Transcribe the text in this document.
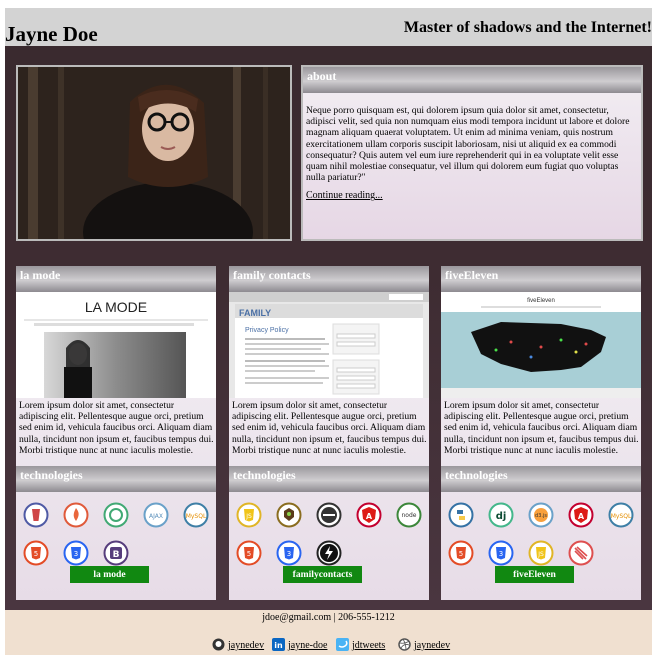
Jayne Doe	Master of shadows and the Internet!
about

Neque porro quisquam est, qui dolorem ipsum quia dolor sit amet, consectetur, adipisci velit, sed quia non numquam eius modi tempora incidunt ut labore et dolore magnam aliquam quaerat voluptatem. Ut enim ad minima veniam, quis nostrum exercitationem ullam corporis suscipit laboriosam, nisi ut aliquid ex ea commodi consequatur? Quis autem vel eum iure reprehenderit qui in ea voluptate velit esse quam nihil molestiae consequatur, vel illum qui dolorem eum fugiat quo voluptas nulla pariatur?"

Continue reading...
la mode
LA MODE
Lorem ipsum dolor sit amet, consectetur adipiscing elit. Pellentesque augue orci, pretium sed enim id, vehicula faucibus orci. Aliquam diam nulla, tincidunt non ipsum et, faucibus tempus dui. Morbi tristique nunc at nunc iaculis molestie.
technologies
AJAX	MySQL
5	3	B
la mode
family contacts
FAMILY
Privacy Policy
Lorem ipsum dolor sit amet, consectetur adipiscing elit. Pellentesque augue orci, pretium sed enim id, vehicula faucibus orci. Aliquam diam nulla, tincidunt non ipsum et, faucibus tempus dui. Morbi tristique nunc at nunc iaculis molestie.
technologies
JS	A	node
5	3
familycontacts
fiveEleven
fiveEleven
Lorem ipsum dolor sit amet, consectetur adipiscing elit. Pellentesque augue orci, pretium sed enim id, vehicula faucibus orci. Aliquam diam nulla, tincidunt non ipsum et, faucibus tempus dui. Morbi tristique nunc at nunc iaculis molestie.
technologies
dj	d3.js	A	MySQL
5	3	JS
fiveEleven
jdoe@gmail.com | 206-555-1212
jaynedev in jayne-doe	jdtweets	jaynedev
